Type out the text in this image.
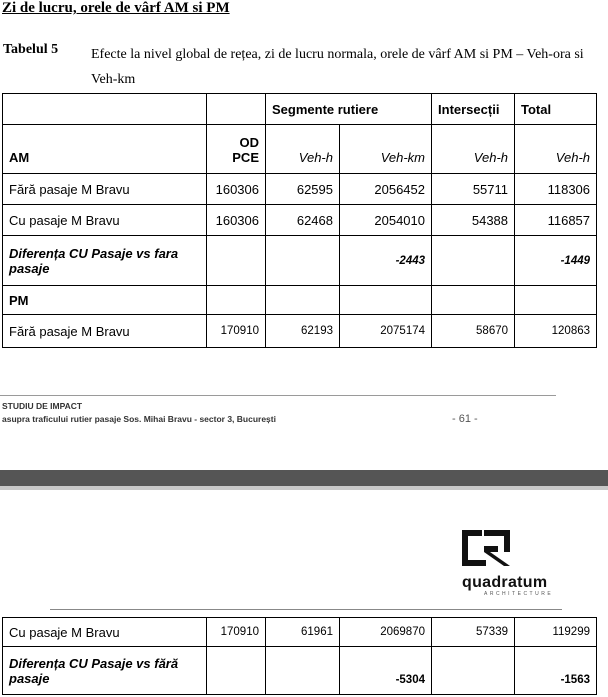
Zi de lucru, orele de vârf AM si PM
Tabelul 5 Efecte la nivel global de rețea, zi de lucru normala, orele de vârf AM si PM – Veh-ora si Veh-km
		Segmente rutiere		Intersecții	Total
AM	OD PCE	Veh-h	Veh-km	Veh-h	Veh-h
Fără pasaje M Bravu	160306	62595	2056452	55711	118306
Cu pasaje M Bravu	160306	62468	2054010	54388	116857
Diferența CU Pasaje vs fara pasaje			-2443		-1449
PM					
Fără pasaje M Bravu	170910	62193	2075174	58670	120863
STUDIU DE IMPACT
asupra traficului rutier pasaje Sos. Mihai Bravu - sector 3, București	- 61 -
quadratum
ARCHITECTURE
Cu pasaje M Bravu	170910	61961	2069870	57339	119299
Diferența CU Pasaje vs fără pasaje			-5304		-1563
